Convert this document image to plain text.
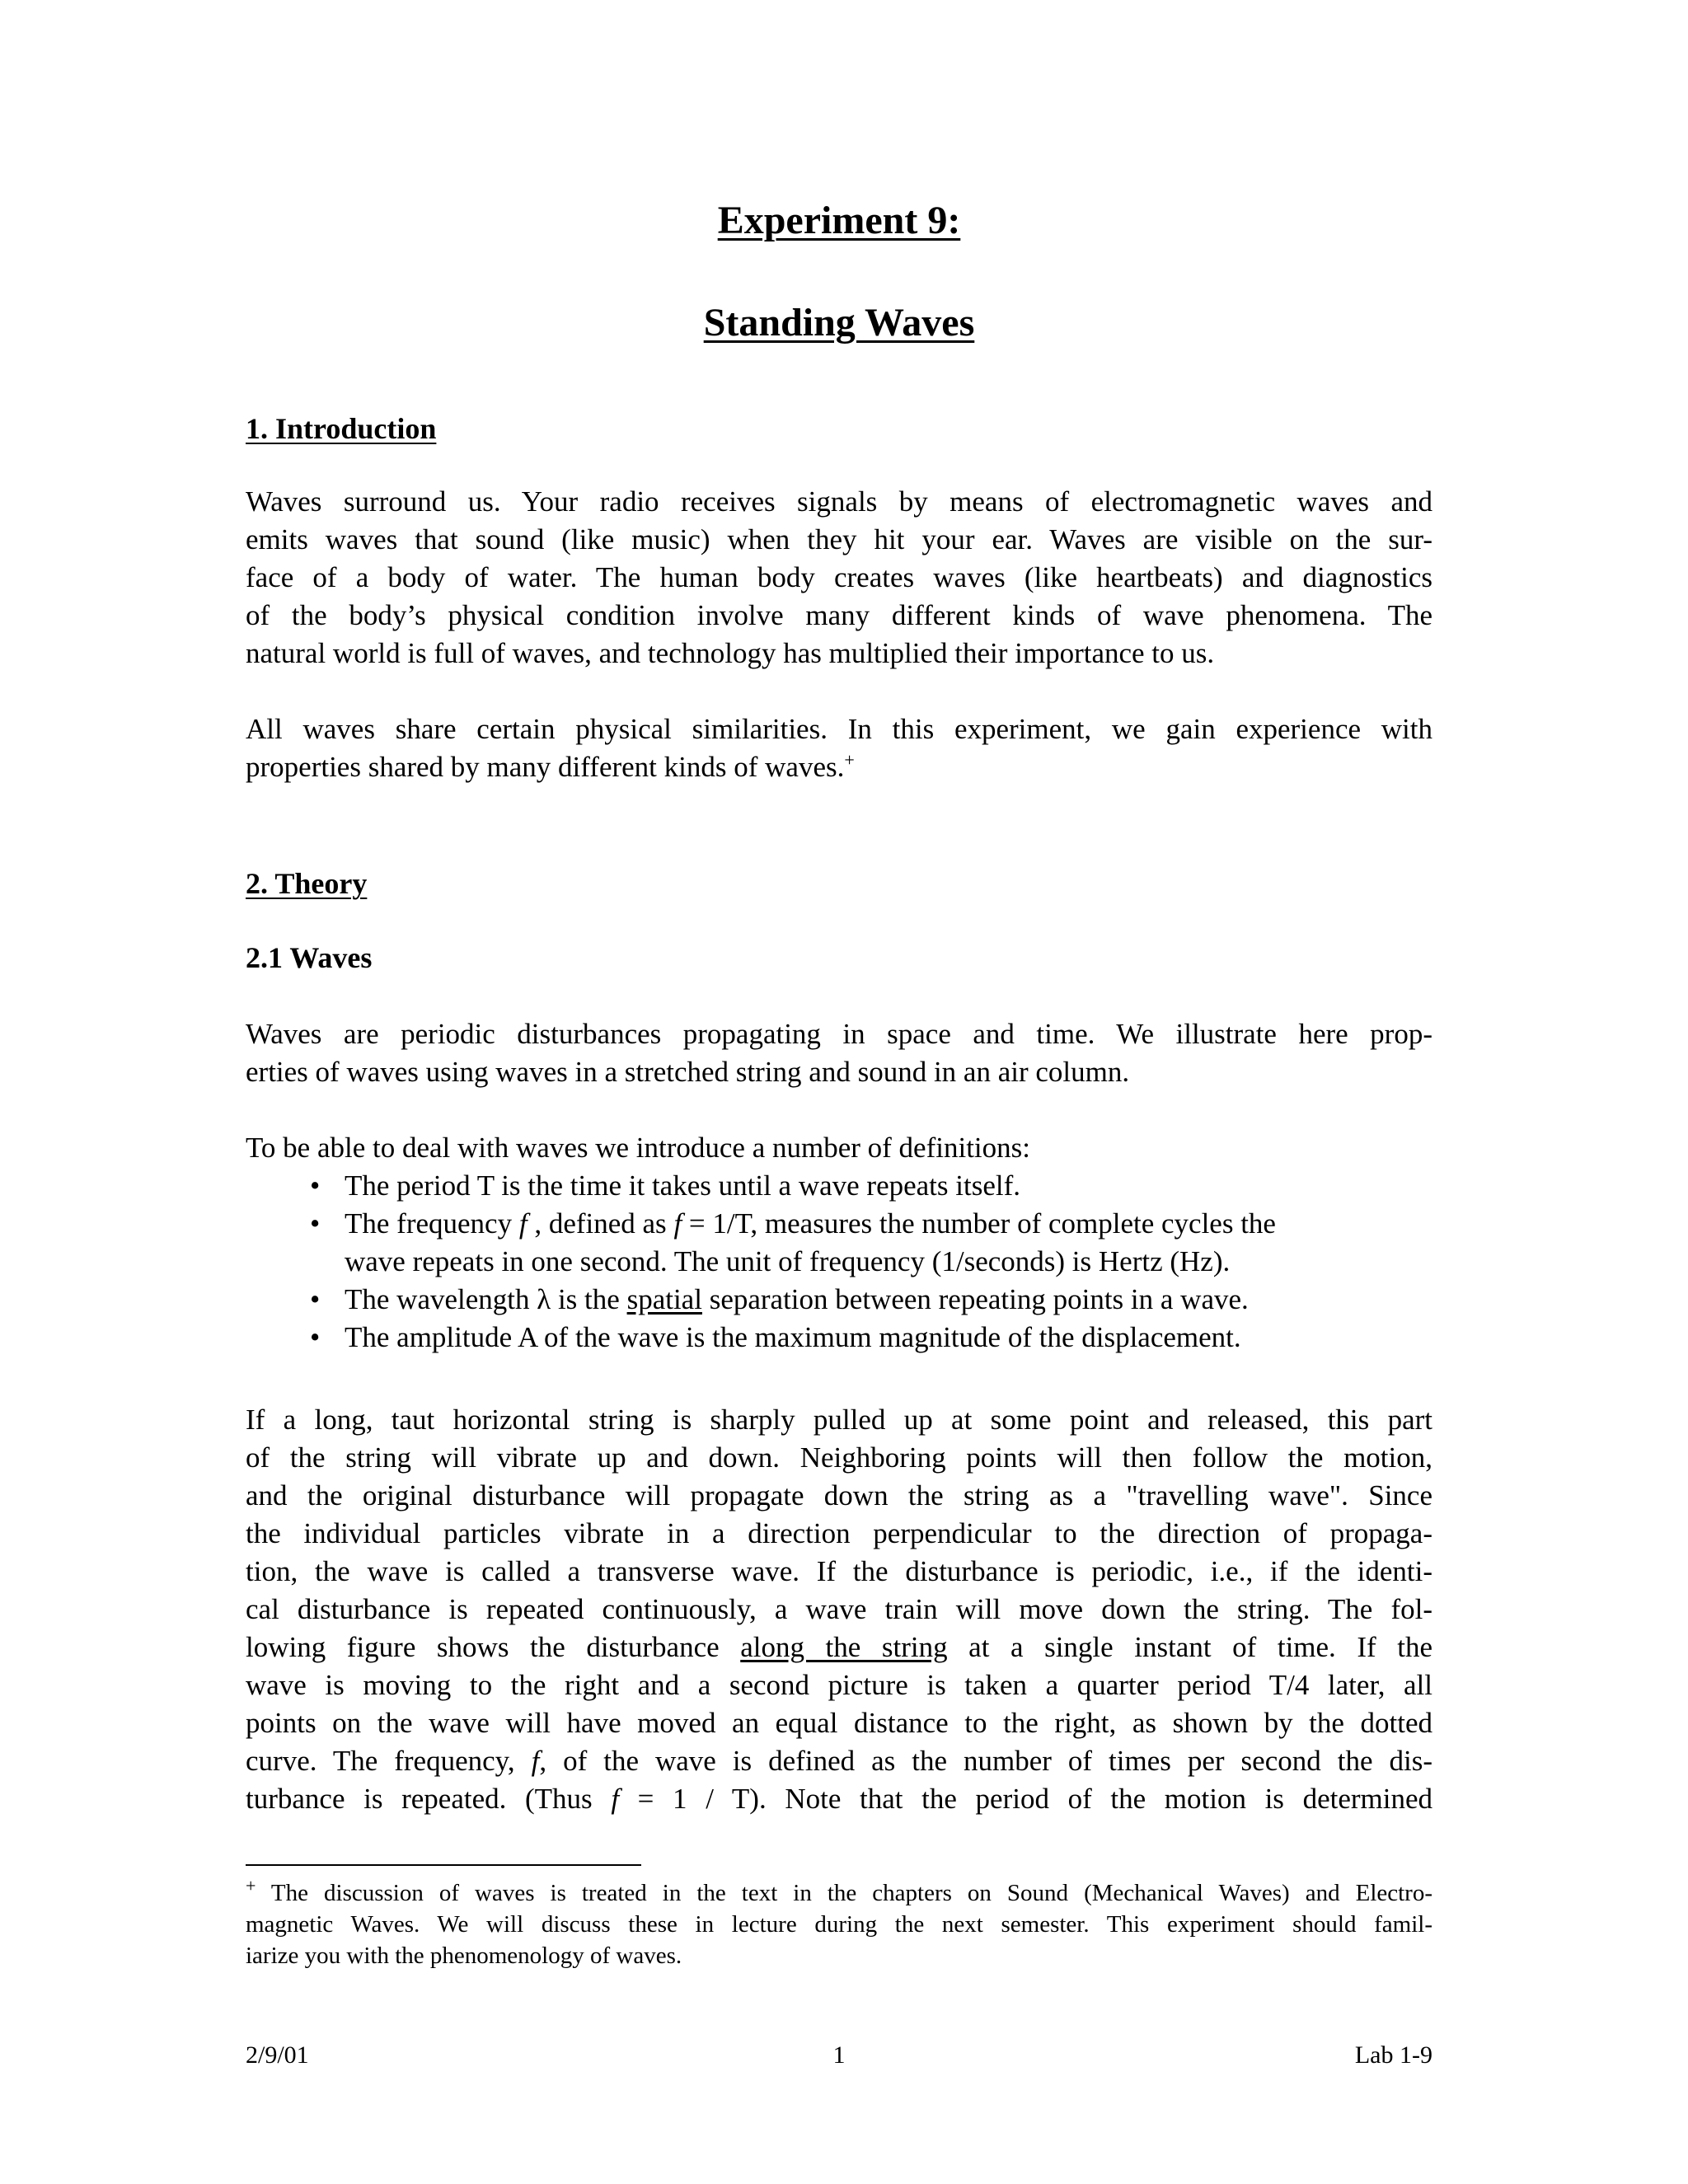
Experiment 9:
Standing Waves
1. Introduction
Waves surround us. Your radio receives signals by means of electromagnetic waves and
emits waves that sound (like music) when they hit your ear. Waves are visible on the sur-
face of a body of water. The human body creates waves (like heartbeats) and diagnostics
of the body’s physical condition involve many different kinds of wave phenomena. The
natural world is full of waves, and technology has multiplied their importance to us.
All waves share certain physical similarities. In this experiment, we gain experience with
properties shared by many different kinds of waves.+
2. Theory
2.1 Waves
Waves are periodic disturbances propagating in space and time. We illustrate here prop-
erties of waves using waves in a stretched string and sound in an air column.
To be able to deal with waves we introduce a number of definitions:
• The period T is the time it takes until a wave repeats itself.
• The frequency f , defined as f = 1/T, measures the number of complete cycles the
wave repeats in one second. The unit of frequency (1/seconds) is Hertz (Hz).
• The wavelength λ is the spatial separation between repeating points in a wave.
• The amplitude A of the wave is the maximum magnitude of the displacement.
If a long, taut horizontal string is sharply pulled up at some point and released, this part
of the string will vibrate up and down. Neighboring points will then follow the motion,
and the original disturbance will propagate down the string as a "travelling wave". Since
the individual particles vibrate in a direction perpendicular to the direction of propaga-
tion, the wave is called a transverse wave. If the disturbance is periodic, i.e., if the identi-
cal disturbance is repeated continuously, a wave train will move down the string. The fol-
lowing figure shows the disturbance along the string at a single instant of time. If the
wave is moving to the right and a second picture is taken a quarter period T/4 later, all
points on the wave will have moved an equal distance to the right, as shown by the dotted
curve. The frequency, f, of the wave is defined as the number of times per second the dis-
turbance is repeated. (Thus f = 1 / T). Note that the period of the motion is determined
+ The discussion of waves is treated in the text in the chapters on Sound (Mechanical Waves) and Electro-
magnetic Waves. We will discuss these in lecture during the next semester. This experiment should famil-
iarize you with the phenomenology of waves.
2/9/01	1	Lab 1-9
